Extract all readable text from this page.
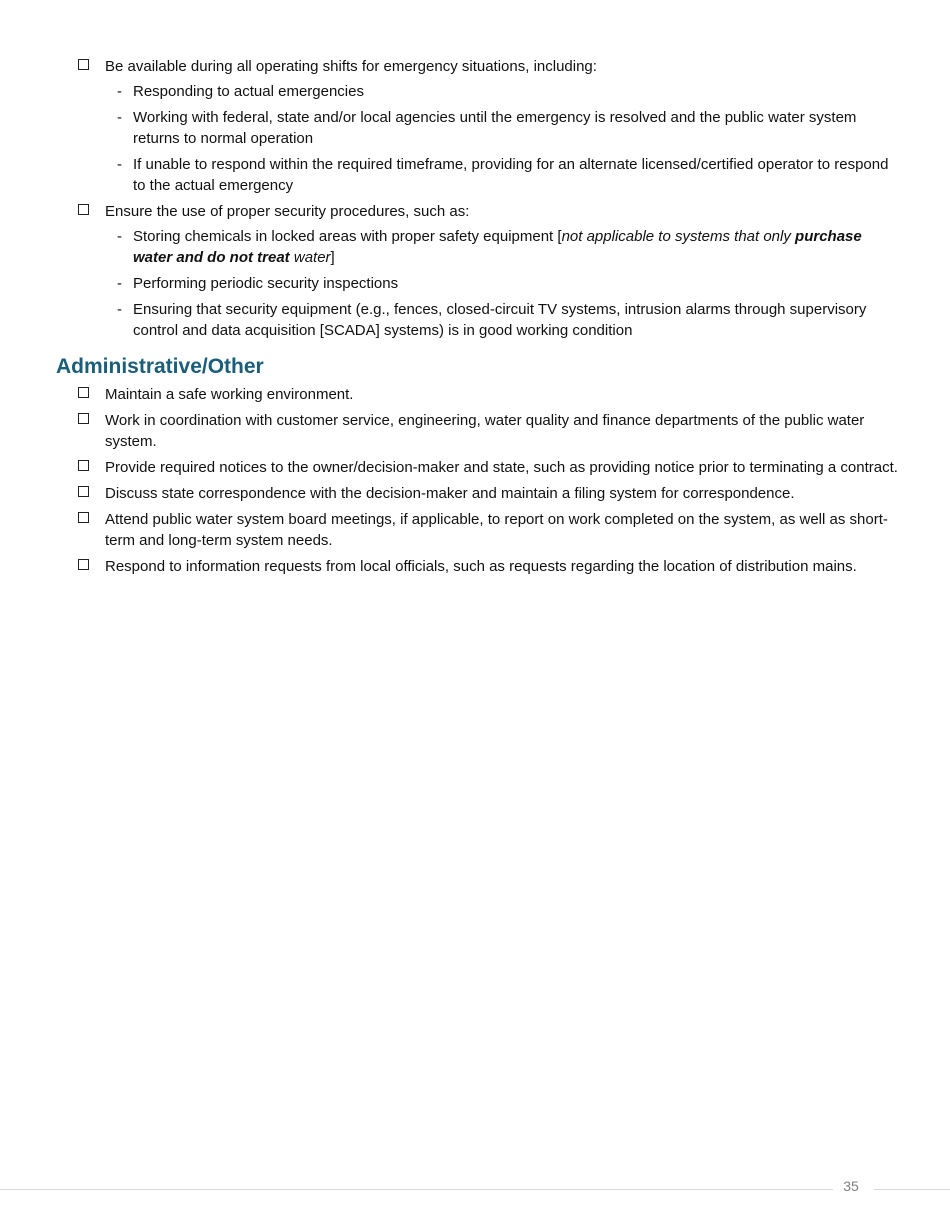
Be available during all operating shifts for emergency situations, including:
- Responding to actual emergencies
- Working with federal, state and/or local agencies until the emergency is resolved and the public water system returns to normal operation
- If unable to respond within the required timeframe, providing for an alternate licensed/certified operator to respond to the actual emergency
Ensure the use of proper security procedures, such as:
- Storing chemicals in locked areas with proper safety equipment [not applicable to systems that only purchase water and do not treat water]
- Performing periodic security inspections
- Ensuring that security equipment (e.g., fences, closed-circuit TV systems, intrusion alarms through supervisory control and data acquisition [SCADA] systems) is in good working condition
Administrative/Other
Maintain a safe working environment.
Work in coordination with customer service, engineering, water quality and finance departments of the public water system.
Provide required notices to the owner/decision-maker and state, such as providing notice prior to terminating a contract.
Discuss state correspondence with the decision-maker and maintain a filing system for correspondence.
Attend public water system board meetings, if applicable, to report on work completed on the system, as well as short-term and long-term system needs.
Respond to information requests from local officials, such as requests regarding the location of distribution mains.
35
